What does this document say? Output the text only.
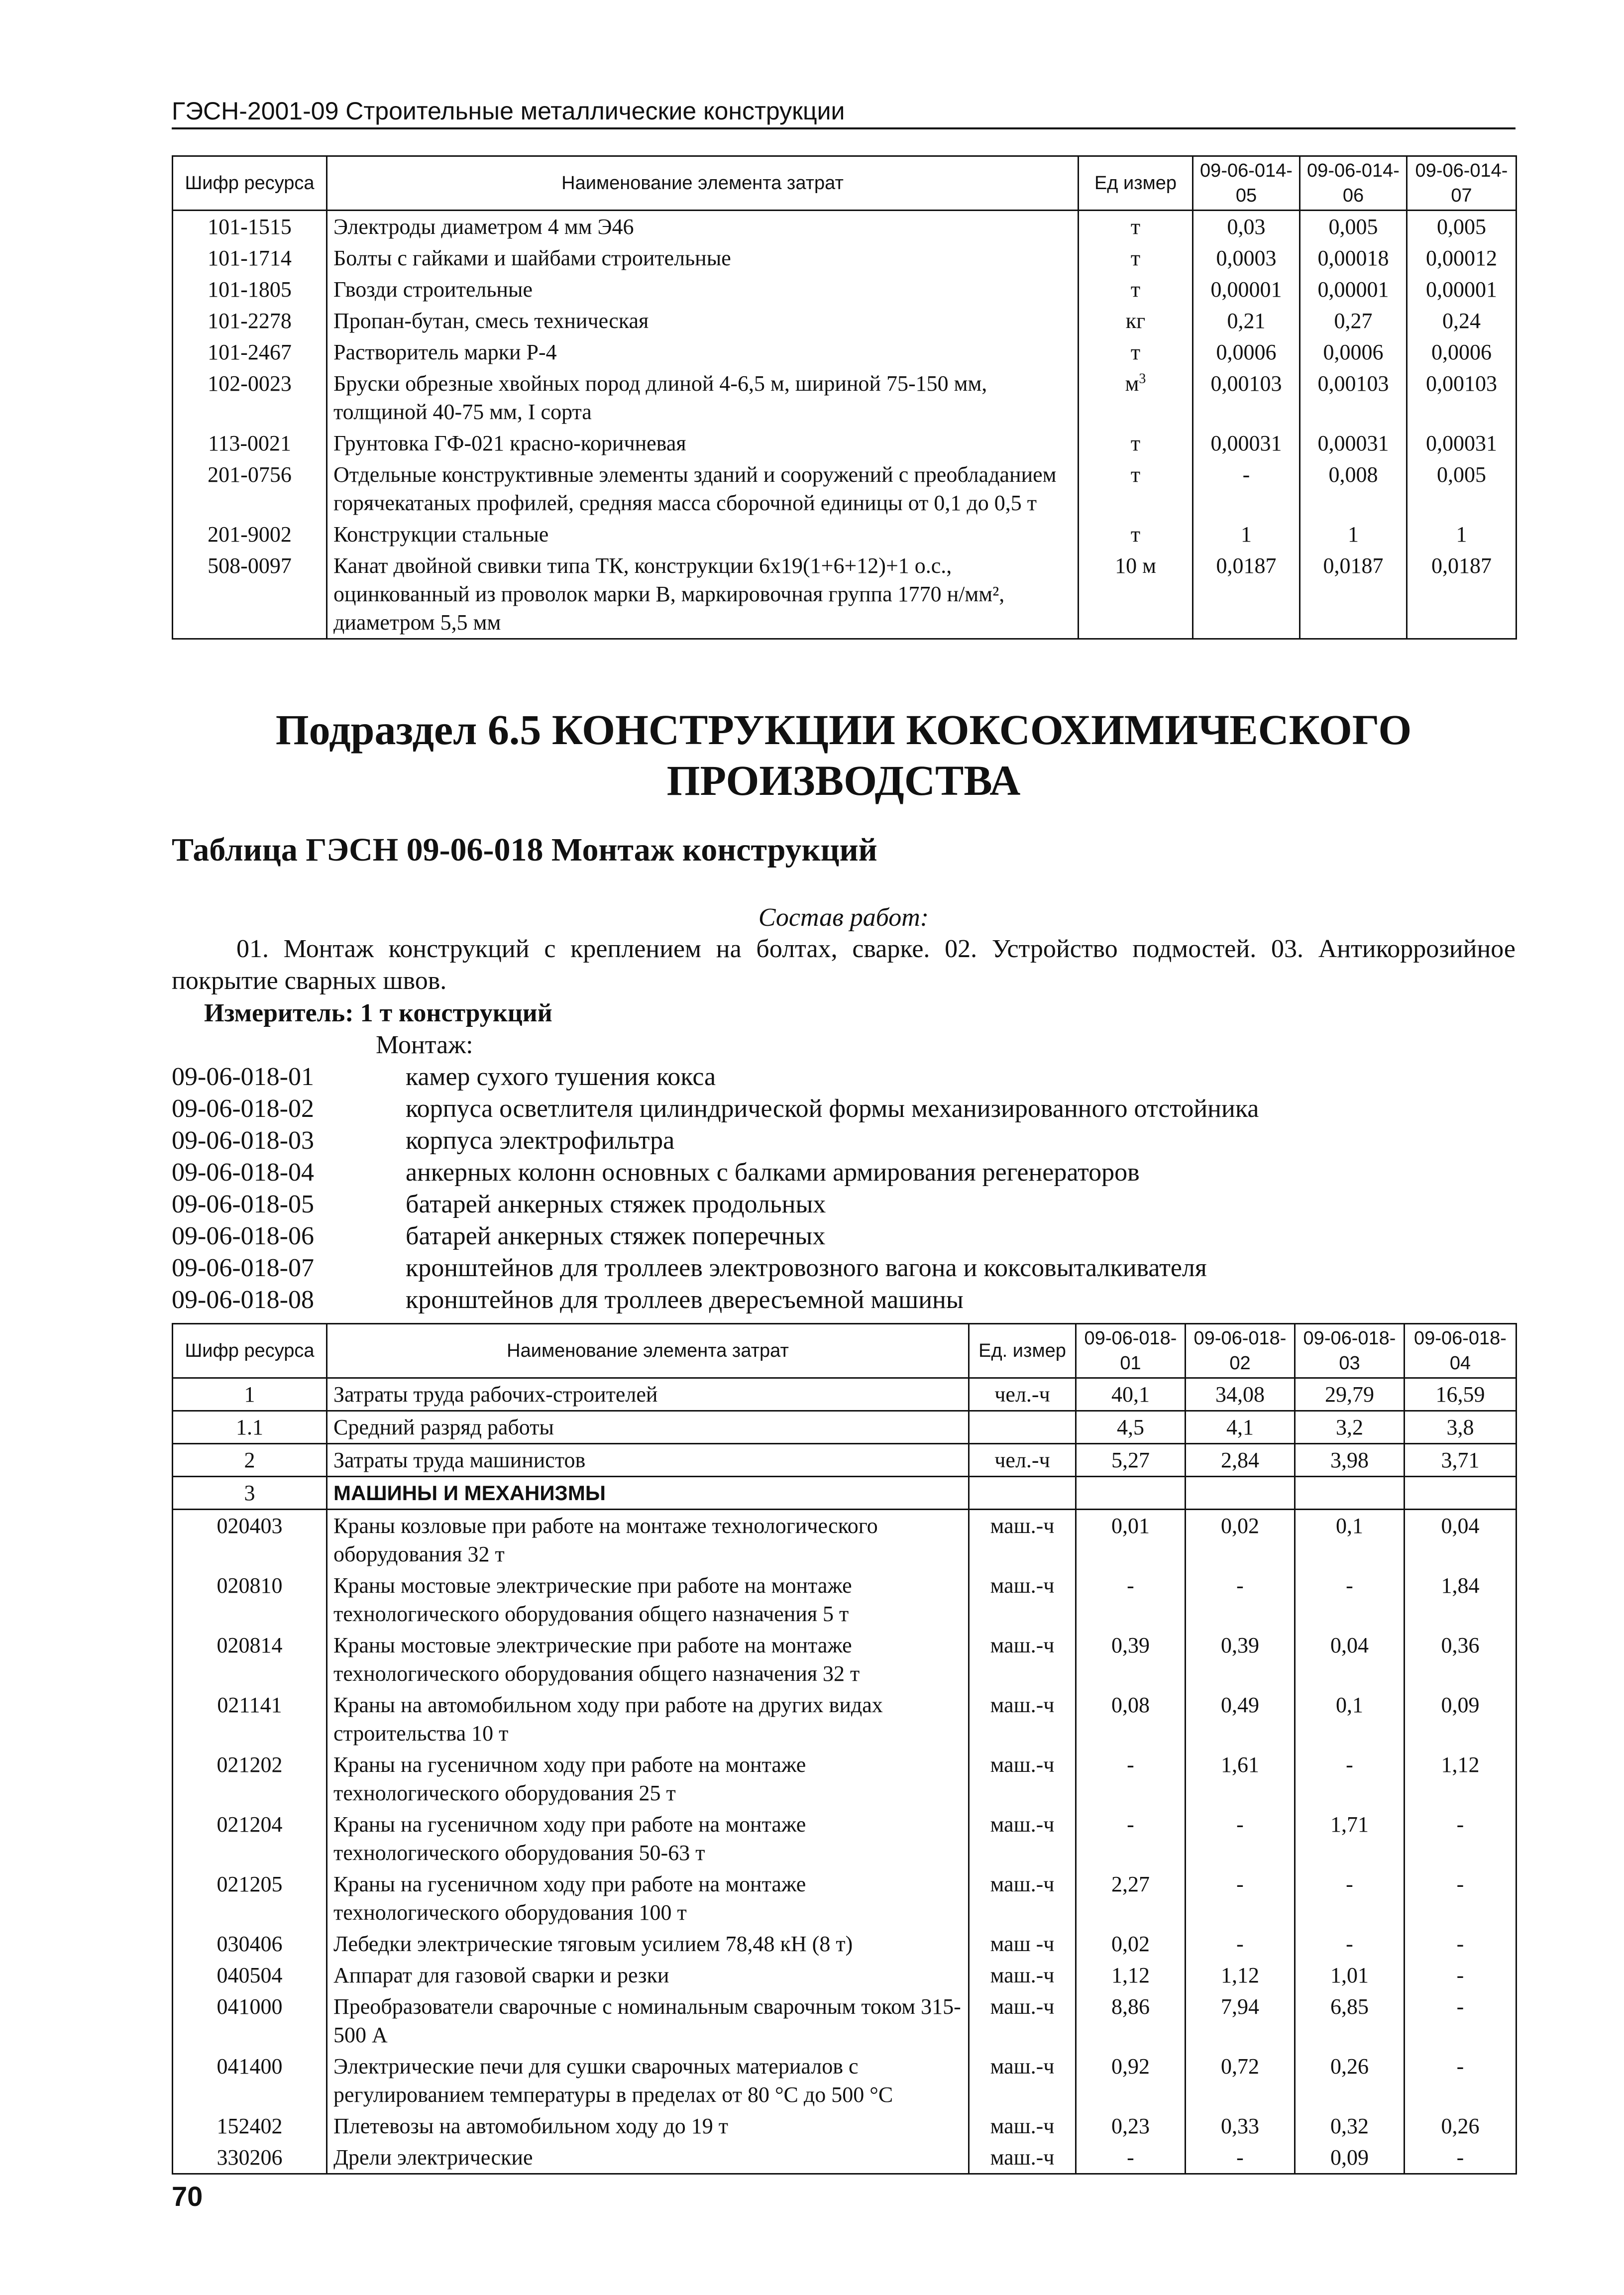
ГЭСН-2001-09 Строительные металлические конструкции
Шифр ресурса	Наименование элемента затрат	Ед измер	09-06-014-05	09-06-014-06	09-06-014-07
101-1515	Электроды диаметром 4 мм Э46	т	0,03	0,005	0,005
101-1714	Болты с гайками и шайбами строительные	т	0,0003	0,00018	0,00012
101-1805	Гвозди строительные	т	0,00001	0,00001	0,00001
101-2278	Пропан-бутан, смесь техническая	кг	0,21	0,27	0,24
101-2467	Растворитель марки Р-4	т	0,0006	0,0006	0,0006
102-0023	Бруски обрезные хвойных пород длиной 4-6,5 м, шириной 75-150 мм, толщиной 40-75 мм, I сорта	$м^3$	0,00103	0,00103	0,00103
113-0021	Грунтовка ГФ-021 красно-коричневая	т	0,00031	0,00031	0,00031
201-0756	Отдельные конструктивные элементы зданий и сооружений с преобладанием горячекатаных профилей, средняя масса сборочной единицы от 0,1 до 0,5 т	т	-	0,008	0,005
201-9002	Конструкции стальные	т	1	1	1
508-0097	Канат двойной свивки типа ТК, конструкции 6х19(1+6+12)+1 о.с., оцинкованный из проволок марки В, маркировочная группа 1770 н/мм², диаметром 5,5 мм	10 м	0,0187	0,0187	0,0187
Подраздел 6.5 КОНСТРУКЦИИ КОКСОХИМИЧЕСКОГО ПРОИЗВОДСТВА
Таблица ГЭСН 09-06-018 Монтаж конструкций
Состав работ:
01. Монтаж конструкций с креплением на болтах, сварке. 02. Устройство подмостей. 03. Антикоррозийное покрытие сварных швов.
Измеритель: 1 т конструкций
Монтаж:
09-06-018-01	камер сухого тушения кокса
09-06-018-02	корпуса осветлителя цилиндрической формы механизированного отстойника
09-06-018-03	корпуса электрофильтра
09-06-018-04	анкерных колонн основных с балками армирования регенераторов
09-06-018-05	батарей анкерных стяжек продольных
09-06-018-06	батарей анкерных стяжек поперечных
09-06-018-07	кронштейнов для троллеев электровозного вагона и коксовыталкивателя
09-06-018-08	кронштейнов для троллеев двересъемной машины
Шифр ресурса	Наименование элемента затрат	Ед. измер	09-06-018-01	09-06-018-02	09-06-018-03	09-06-018-04
1	Затраты труда рабочих-строителей	чел.-ч	40,1	34,08	29,79	16,59
1.1	Средний разряд работы		4,5	4,1	3,2	3,8
2	Затраты труда машинистов	чел.-ч	5,27	2,84	3,98	3,71
3	МАШИНЫ И МЕХАНИЗМЫ					
020403	Краны козловые при работе на монтаже технологического оборудования 32 т	маш.-ч	0,01	0,02	0,1	0,04
020810	Краны мостовые электрические при работе на монтаже технологического оборудования общего назначения 5 т	маш.-ч	-	-	-	1,84
020814	Краны мостовые электрические при работе на монтаже технологического оборудования общего назначения 32 т	маш.-ч	0,39	0,39	0,04	0,36
021141	Краны на автомобильном ходу при работе на других видах строительства 10 т	маш.-ч	0,08	0,49	0,1	0,09
021202	Краны на гусеничном ходу при работе на монтаже технологического оборудования 25 т	маш.-ч	-	1,61	-	1,12
021204	Краны на гусеничном ходу при работе на монтаже технологического оборудования 50-63 т	маш.-ч	-	-	1,71	-
021205	Краны на гусеничном ходу при работе на монтаже технологического оборудования 100 т	маш.-ч	2,27	-	-	-
030406	Лебедки электрические тяговым усилием 78,48 кН (8 т)	маш -ч	0,02	-	-	-
040504	Аппарат для газовой сварки и резки	маш.-ч	1,12	1,12	1,01	-
041000	Преобразователи сварочные с номинальным сварочным током 315-500 А	маш.-ч	8,86	7,94	6,85	-
041400	Электрические печи для сушки сварочных материалов с регулированием температуры в пределах от 80 °С до 500 °С	маш.-ч	0,92	0,72	0,26	-
152402	Плетевозы на автомобильном ходу до 19 т	маш.-ч	0,23	0,33	0,32	0,26
330206	Дрели электрические	маш.-ч	-	-	0,09	-
70
